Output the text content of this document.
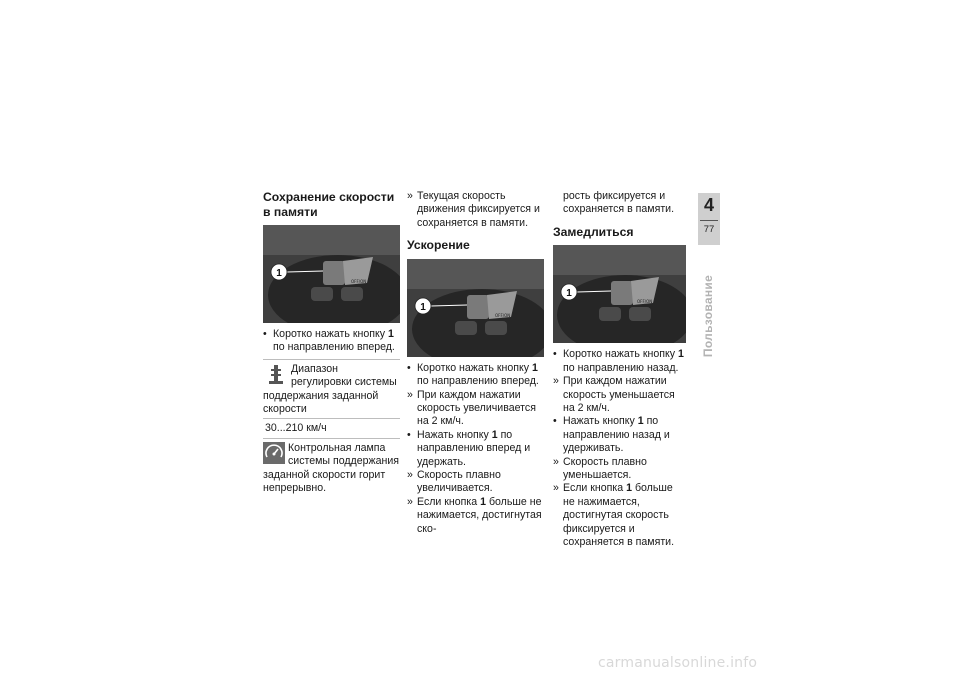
Сохранение скорости в памяти
OFF/ON
1

• Коротко нажать кнопку 1 по направлению вперед.

Диапазон регулировки системы поддержания заданной скорости
30...210 км/ч
Контрольная лампа системы поддержания заданной скорости горит непрерывно.

» Текущая скорость движения фиксируется и сохраняется в памяти.

Ускорение
OFF/ON
1

• Коротко нажать кнопку 1 по направлению вперед.

» При каждом нажатии скорость увеличивается на 2 км/ч.

• Нажать кнопку 1 по направлению вперед и удержать.

» Скорость плавно увеличивается.

» Если кнопка 1 больше не нажимается, достигнутая ско-

рость фиксируется и сохраняется в памяти.

Замедлиться
OFF/ON
1

• Коротко нажать кнопку 1 по направлению назад.

» При каждом нажатии скорость уменьшается на 2 км/ч.

• Нажать кнопку 1 по направлению назад и удерживать.

» Скорость плавно уменьшается.

» Если кнопка 1 больше не нажимается, достигнутая скорость фиксируется и сохраняется в памяти.

4
77
Пользование
carmanualsonline.info
